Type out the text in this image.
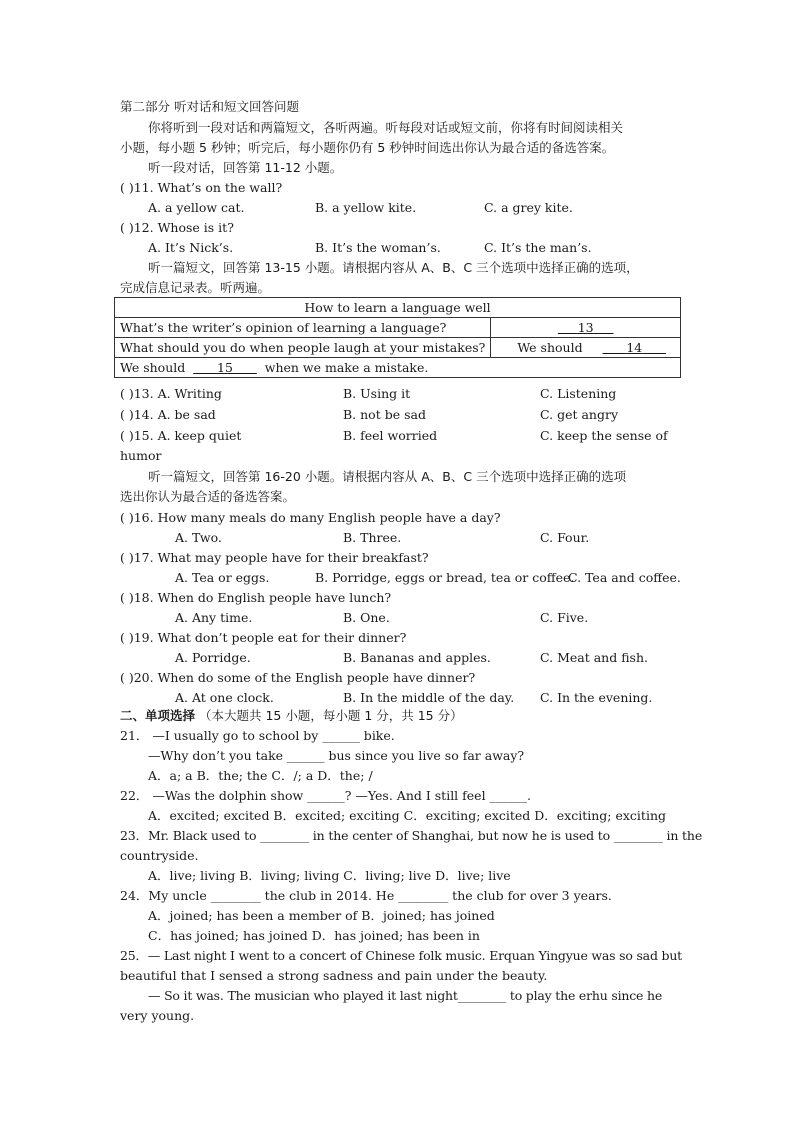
第二部分 听对话和短文回答问题
你将听到一段对话和两篇短文，各听两遍。听每段对话或短文前，你将有时间阅读相关
小题，每小题 5 秒钟；听完后，每小题你仍有 5 秒钟时间选出你认为最合适的备选答案。
听一段对话，回答第 11-12 小题。
( )11. What’s on the wall?
A. a yellow cat.	B. a yellow kite.	C. a grey kite.
( )12. Whose is it?
A. It’s Nick’s.	B. It’s the woman’s.	C. It’s the man’s.
听一篇短文，回答第 13-15 小题。请根据内容从 A、B、C 三个选项中选择正确的选项，
完成信息记录表。听两遍。
How to learn a language well	
What’s the writer’s opinion of learning a language?	13
What should you do when people laugh at your mistakes?	We should 14
We should 15 when we make a mistake.	
( )13. A. Writing	B. Using it	C. Listening
( )14. A. be sad	B. not be sad	C. get angry
( )15. A. keep quiet	B. feel worried	C. keep the sense of
humor
听一篇短文，回答第 16-20 小题。请根据内容从 A、B、C 三个选项中选择正确的选项
选出你认为最合适的备选答案。
( )16. How many meals do many English people have a day?
A. Two.	B. Three.	C. Four.
( )17. What may people have for their breakfast?
A. Tea or eggs.	B. Porridge, eggs or bread, tea or coffee.
C. Tea and coffee.
( )18. When do English people have lunch?
A. Any time.	B. One.	C. Five.
( )19. What don’t people eat for their dinner?
A. Porridge.	B. Bananas and apples.	C. Meat and fish.
( )20. When do some of the English people have dinner?
A. At one clock.	B. In the middle of the day. C. In the evening.
二、单项选择 （本大题共 15 小题，每小题 1 分，共 15 分）
21． —I usually go to school by ______ bike.
—Why don’t you take ______ bus since you live so far away?
A．a; a B．the; the C．/; a D．the; /
22． —Was the dolphin show ______? —Yes. And I still feel ______.
A．excited; excited B．excited; exciting C．exciting; excited D．exciting; exciting
23．Mr. Black used to ________ in the center of Shanghai, but now he is used to ________ in the
countryside.
A．live; living B．living; living C．living; live D．live; live
24．My uncle ________ the club in 2014. He ________ the club for over 3 years.
A．joined; has been a member of B．joined; has joined
C．has joined; has joined D．has joined; has been in
25．— Last night I went to a concert of Chinese folk music. Erquan Yingyue was so sad but
beautiful that I sensed a strong sadness and pain under the beauty.
— So it was. The musician who played it last night________ to play the erhu since he
very young.
